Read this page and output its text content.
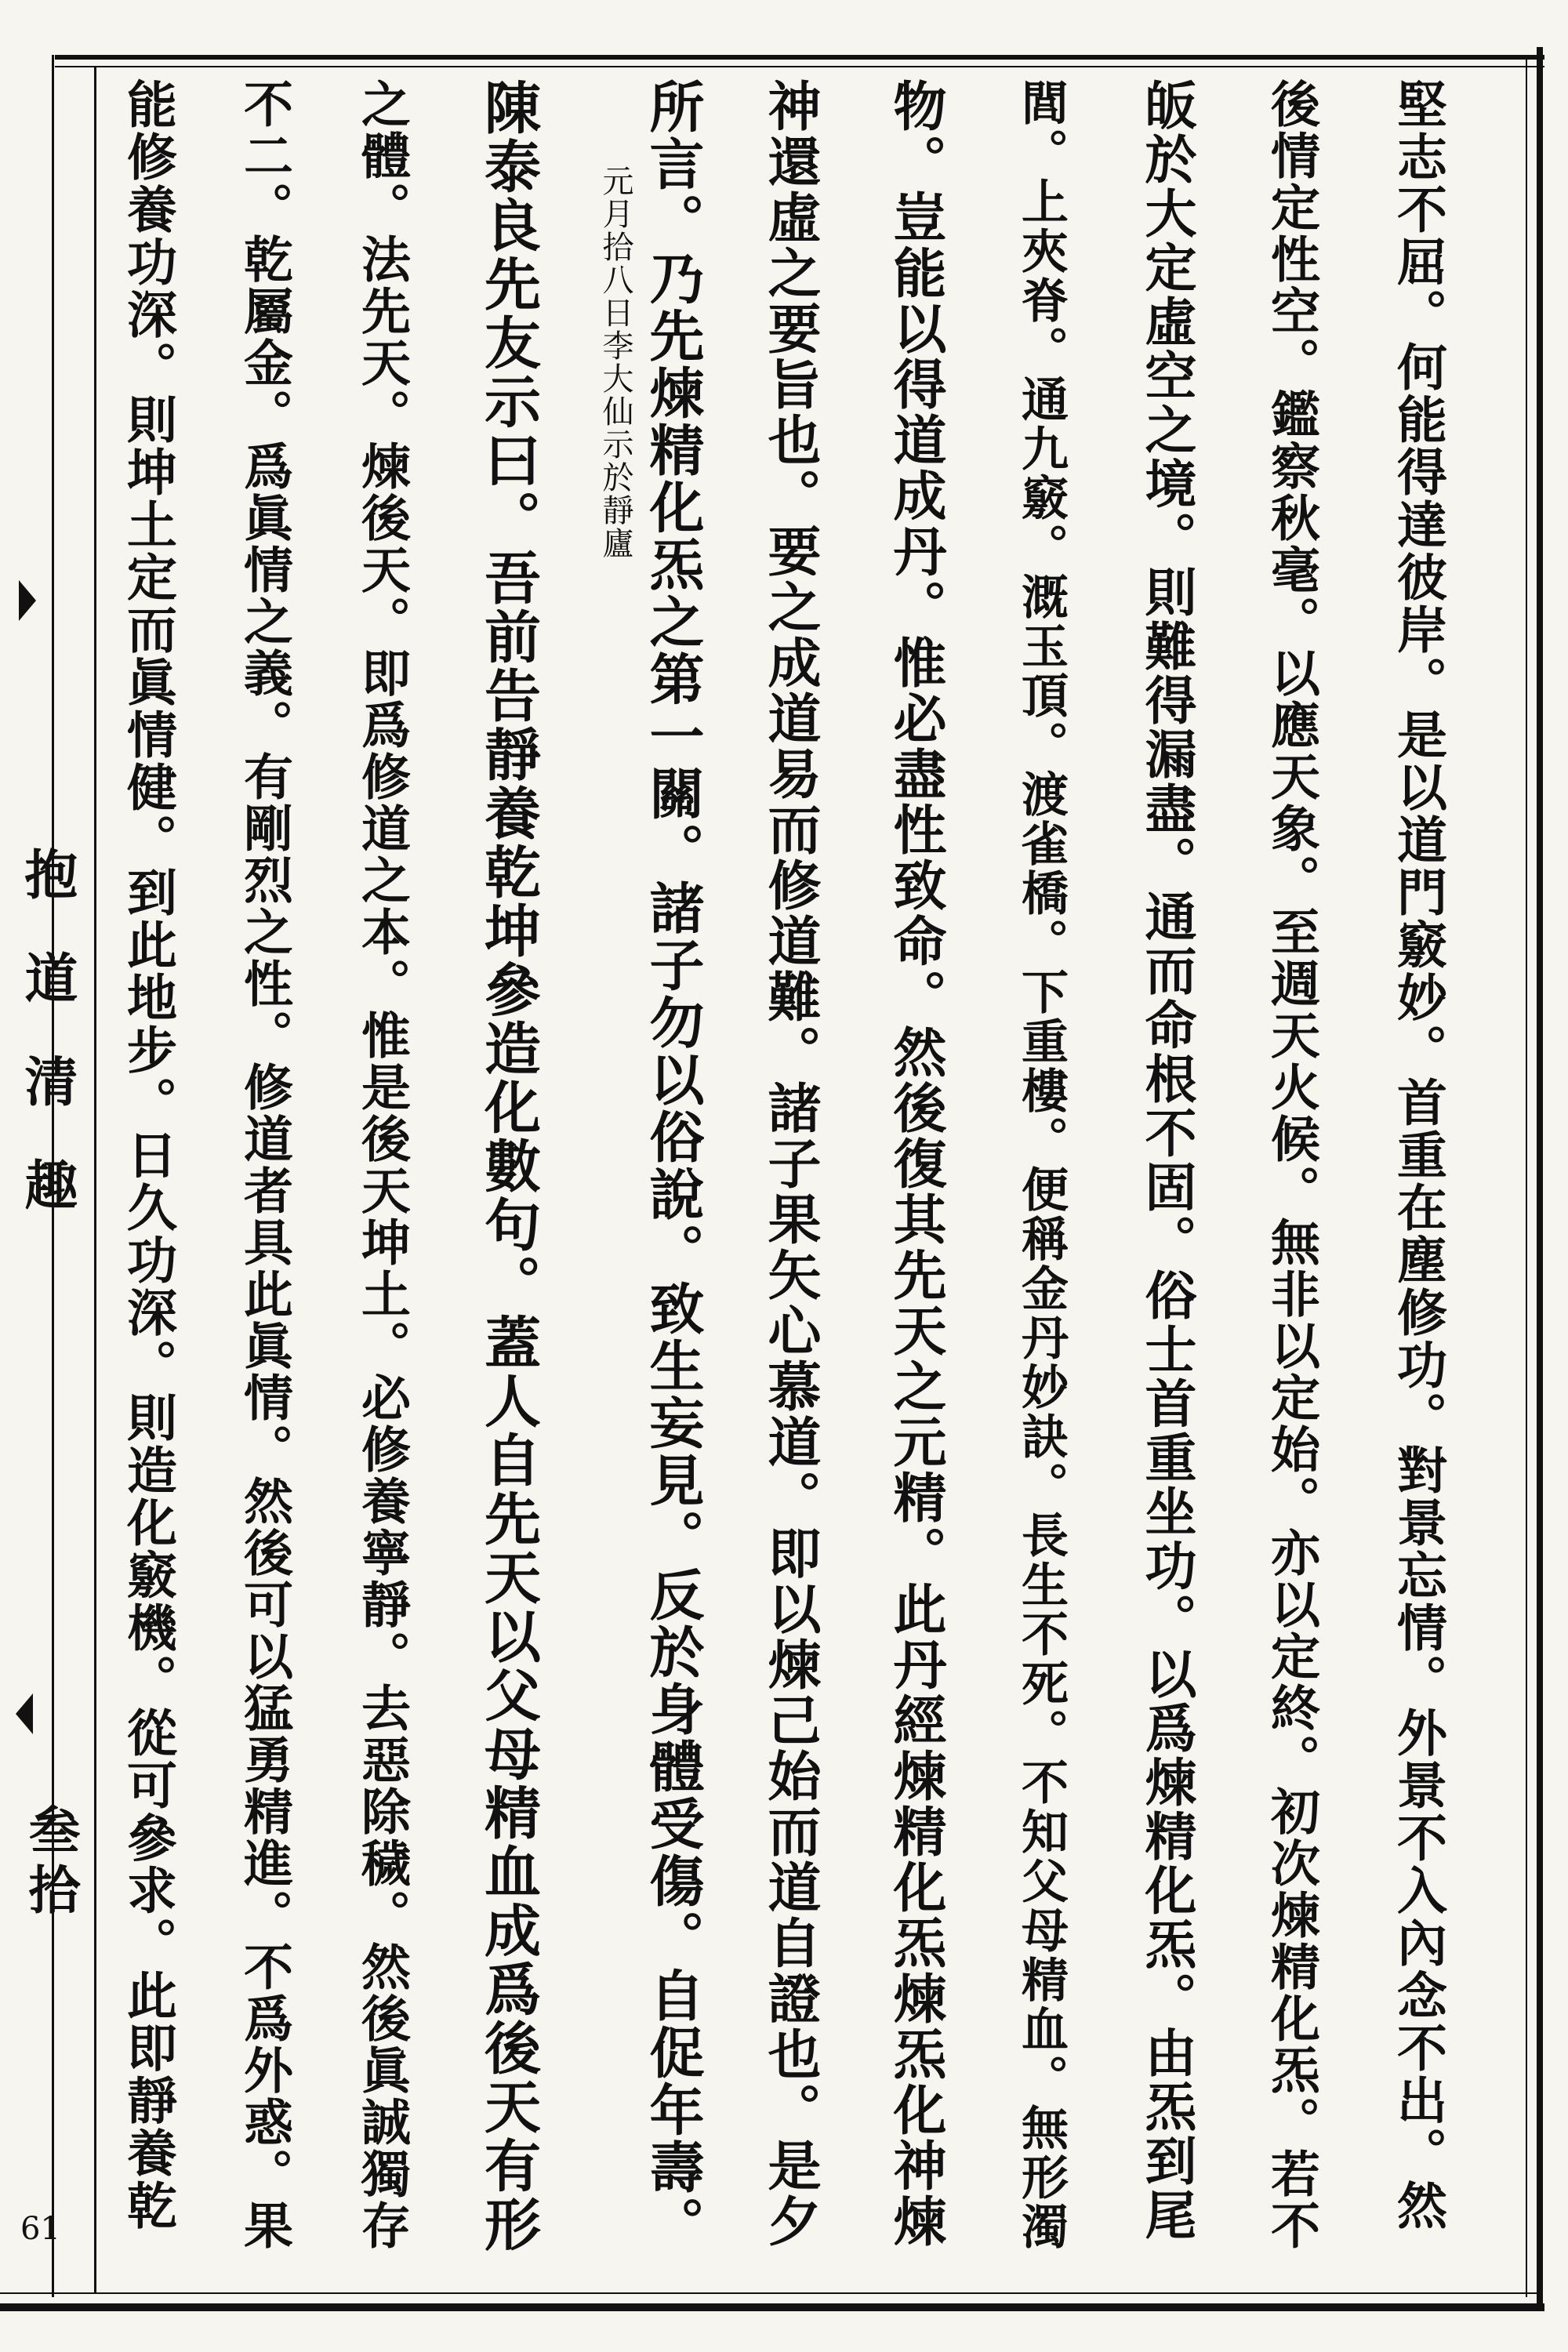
抱道清趣
叁拾
61	堅志不屈。何能得達彼岸。是以道門竅妙。首重在塵修功。對景忘情。外景不入內念不出。然
後情定性空。鑑察秋毫。以應天象。至週天火候。無非以定始。亦以定終。初次煉精化炁。若不
皈於大定虛空之境。則難得漏盡。通而命根不固。俗士首重坐功。以爲煉精化炁。由炁到尾
閭。上夾脊。通九竅。溉玉頂。渡雀橋。下重樓。便稱金丹妙訣。長生不死。不知父母精血。無形濁
物。豈能以得道成丹。惟必盡性致命。然後復其先天之元精。此丹經煉精化炁煉炁化神煉
神還虛之要旨也。要之成道易而修道難。諸子果矢心慕道。即以煉己始而道自證也。是夕
所言。乃先煉精化炁之第一關。諸子勿以俗說。致生妄見。反於身體受傷。自促年壽。
元月拾八日李大仙示於靜廬
陳泰良先友示曰。吾前告靜養乾坤參造化數句。蓋人自先天以父母精血成爲後天有形
之體。法先天。煉後天。即爲修道之本。惟是後天坤土。必修養寧靜。去惡除穢。然後眞誠獨存
不二。乾屬金。爲眞情之義。有剛烈之性。修道者具此眞情。然後可以猛勇精進。不爲外惑。果
能修養功深。則坤土定而眞情健。到此地步。日久功深。則造化竅機。從可參求。此即靜養乾
